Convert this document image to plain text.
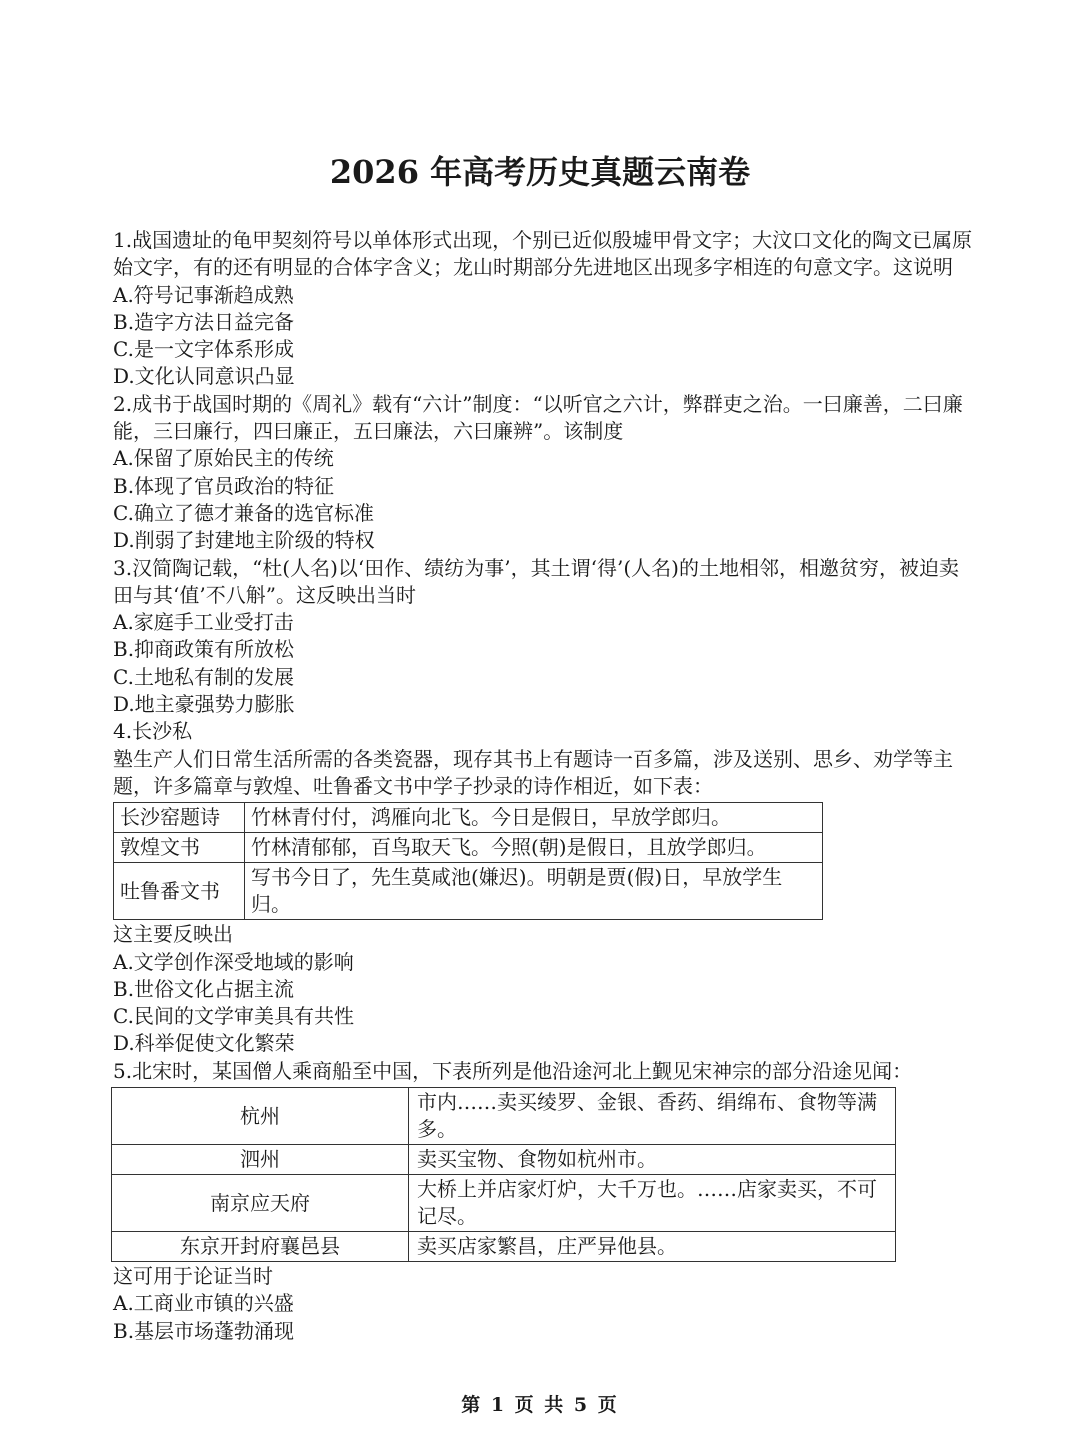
2026 年高考历史真题云南卷

1.战国遗址的龟甲契刻符号以单体形式出现，个别已近似殷墟甲骨文字；大汶口文化的陶文已属原始文字，有的还有明显的合体字含义；龙山时期部分先进地区出现多字相连的句意文字。这说明

A.符号记事渐趋成熟

B.造字方法日益完备

C.是一文字体系形成

D.文化认同意识凸显

2.成书于战国时期的《周礼》载有“六计”制度：“以听官之六计，弊群吏之治。一曰廉善，二曰廉能，三曰廉行，四曰廉正，五曰廉法，六曰廉辨”。该制度

A.保留了原始民主的传统

B.体现了官员政治的特征

C.确立了德才兼备的选官标准

D.削弱了封建地主阶级的特权

3.汉简陶记载，“杜(人名)以‘田作、绩纺为事’，其土谓‘得’(人名)的土地相邻，相邀贫穷，被迫卖田与其‘值’不八斛”。这反映出当时

A.家庭手工业受打击

B.抑商政策有所放松

C.土地私有制的发展

D.地主豪强势力膨胀

4.长沙私

塾生产人们日常生活所需的各类瓷器，现存其书上有题诗一百多篇，涉及送别、思乡、劝学等主题，许多篇章与敦煌、吐鲁番文书中学子抄录的诗作相近，如下表：

长沙窑题诗	竹林青付付，鸿雁向北飞。今日是假日，早放学郎归。
敦煌文书	竹林清郁郁，百鸟取天飞。今照(朝)是假日，且放学郎归。
吐鲁番文书	写书今日了，先生莫咸池(嫌迟)。明朝是贾(假)日，早放学生归。

这主要反映出

A.文学创作深受地域的影响

B.世俗文化占据主流

C.民间的文学审美具有共性

D.科举促使文化繁荣

5.北宋时，某国僧人乘商船至中国，下表所列是他沿途河北上觐见宋神宗的部分沿途见闻：

杭州	市内……卖买绫罗、金银、香药、绢绵布、食物等满多。
泗州	卖买宝物、食物如杭州市。
南京应天府	大桥上并店家灯炉，大千万也。……店家卖买，不可记尽。
东京开封府襄邑县	卖买店家繁昌，庄严异他县。

这可用于论证当时

A.工商业市镇的兴盛

B.基层市场蓬勃涌现

第 1 页 共 5 页
